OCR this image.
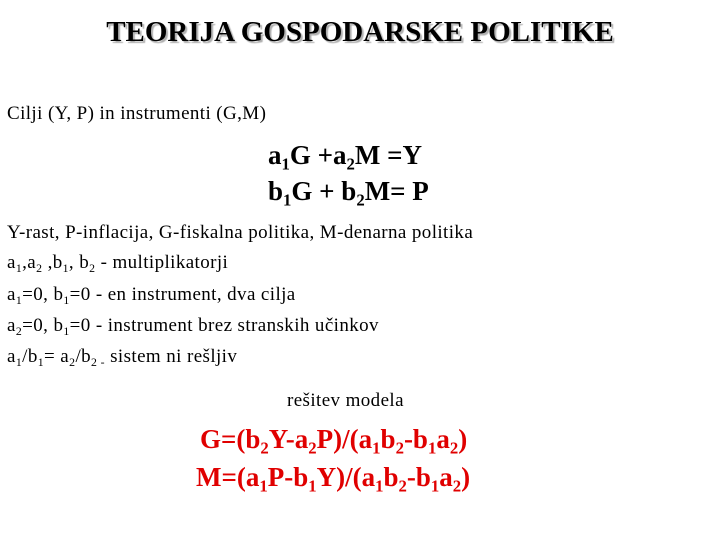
TEORIJA GOSPODARSKE POLITIKE
Cilji (Y, P) in instrumenti (G,M)
$a_1G +a_2M =Y$
$b_1G + b_2M= P$
Y-rast, P-inflacija, G-fiskalna politika, M-denarna politika
$a_1,a_2$ $,b_1$, $b_2$ - multiplikatorji
$a_1=0$, $b_1=0$ - en instrument, dva cilja
$a_2=0$, $b_1=0$ - instrument brez stranskih učinkov
$a_1/b_1= a_2/b_{2 -}$ sistem ni rešljiv
rešitev modela
$G=(b_2Y-a_2P)/(a_1b_2-b_1a_2)$
$M=(a_1P-b_1Y)/(a_1b_2-b_1a_2)$
